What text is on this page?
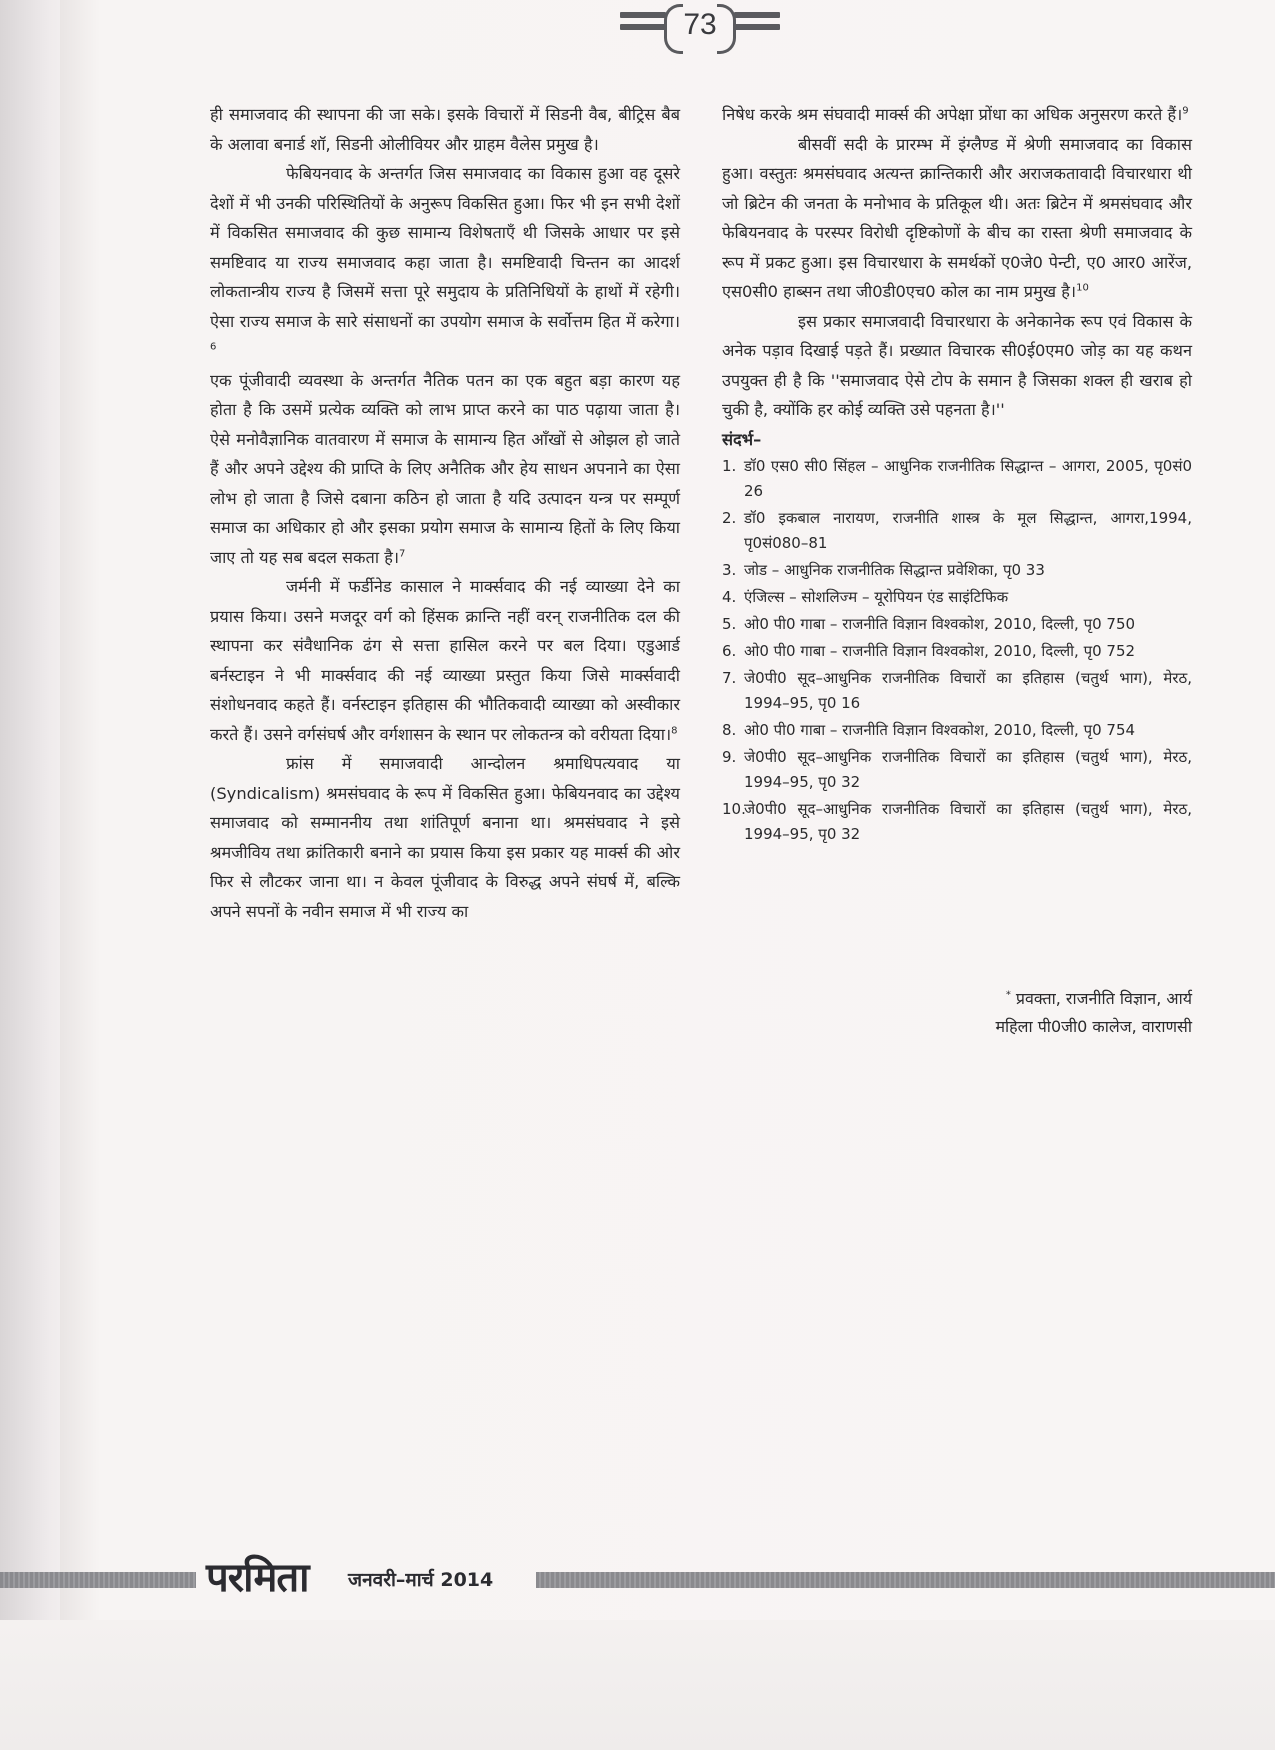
73

ही समाजवाद की स्थापना की जा सके। इसके विचारों में सिडनी वैब, बीट्रिस बैब के अलावा बनार्ड शॉ, सिडनी ओलीवियर और ग्राहम वैलेस प्रमुख है।

फेबियनवाद के अन्तर्गत जिस समाजवाद का विकास हुआ वह दूसरे देशों में भी उनकी परिस्थितियों के अनुरूप विकसित हुआ। फिर भी इन सभी देशों में विकसित समाजवाद की कुछ सामान्य विशेषताएँ थी जिसके आधार पर इसे समष्टिवाद या राज्य समाजवाद कहा जाता है। समष्टिवादी चिन्तन का आदर्श लोकतान्त्रीय राज्य है जिसमें सत्ता पूरे समुदाय के प्रतिनिधियों के हाथों में रहेगी। ऐसा राज्य समाज के सारे संसाधनों का उपयोग समाज के सर्वोत्तम हित में करेगा।$^6$

एक पूंजीवादी व्यवस्था के अन्तर्गत नैतिक पतन का एक बहुत बड़ा कारण यह होता है कि उसमें प्रत्येक व्यक्ति को लाभ प्राप्त करने का पाठ पढ़ाया जाता है। ऐसे मनोवैज्ञानिक वातवारण में समाज के सामान्य हित आँखों से ओझल हो जाते हैं और अपने उद्देश्य की प्राप्ति के लिए अनैतिक और हेय साधन अपनाने का ऐसा लोभ हो जाता है जिसे दबाना कठिन हो जाता है यदि उत्पादन यन्त्र पर सम्पूर्ण समाज का अधिकार हो और इसका प्रयोग समाज के सामान्य हितों के लिए किया जाए तो यह सब बदल सकता है।$^7$

जर्मनी में फर्डीनेड कासाल ने मार्क्सवाद की नई व्याख्या देने का प्रयास किया। उसने मजदूर वर्ग को हिंसक क्रान्ति नहीं वरन् राजनीतिक दल की स्थापना कर संवैधानिक ढंग से सत्ता हासिल करने पर बल दिया। एडुआर्ड बर्नस्टाइन ने भी मार्क्सवाद की नई व्याख्या प्रस्तुत किया जिसे मार्क्सवादी संशोधनवाद कहते हैं। वर्नस्टाइन इतिहास की भौतिकवादी व्याख्या को अस्वीकार करते हैं। उसने वर्गसंघर्ष और वर्गशासन के स्थान पर लोकतन्त्र को वरीयता दिया।$^8$

फ्रांस में समाजवादी आन्दोलन श्रमाधिपत्यवाद या (Syndicalism) श्रमसंघवाद के रूप में विकसित हुआ। फेबियनवाद का उद्देश्य समाजवाद को सम्माननीय तथा शांतिपूर्ण बनाना था। श्रमसंघवाद ने इसे श्रमजीविय तथा क्रांतिकारी बनाने का प्रयास किया इस प्रकार यह मार्क्स की ओर फिर से लौटकर जाना था। न केवल पूंजीवाद के विरुद्ध अपने संघर्ष में, बल्कि अपने सपनों के नवीन समाज में भी राज्य का

निषेध करके श्रम संघवादी मार्क्स की अपेक्षा प्रोंधा का अधिक अनुसरण करते हैं।$^9$

बीसवीं सदी के प्रारम्भ में इंग्लैण्ड में श्रेणी समाजवाद का विकास हुआ। वस्तुतः श्रमसंघवाद अत्यन्त क्रान्तिकारी और अराजकतावादी विचारधारा थी जो ब्रिटेन की जनता के मनोभाव के प्रतिकूल थी। अतः ब्रिटेन में श्रमसंघवाद और फेबियनवाद के परस्पर विरोधी दृष्टिकोणों के बीच का रास्ता श्रेणी समाजवाद के रूप में प्रकट हुआ। इस विचारधारा के समर्थकों ए0जे0 पेन्टी, ए0 आर0 आरेंज, एस0सी0 हाब्सन तथा जी0डी0एच0 कोल का नाम प्रमुख है।$^{10}$

इस प्रकार समाजवादी विचारधारा के अनेकानेक रूप एवं विकास के अनेक पड़ाव दिखाई पड़ते हैं। प्रख्यात विचारक सी0ई0एम0 जोड़ का यह कथन उपयुक्त ही है कि ''समाजवाद ऐसे टोप के समान है जिसका शक्ल ही खराब हो चुकी है, क्योंकि हर कोई व्यक्ति उसे पहनता है।''

संदर्भ–

1. डॉ0 एस0 सी0 सिंहल – आधुनिक राजनीतिक सिद्धान्त – आगरा, 2005, पृ0सं0 26
2. डॉ0 इकबाल नारायण, राजनीति शास्त्र के मूल सिद्धान्त, आगरा,1994, पृ0सं080–81
3. जोड – आधुनिक राजनीतिक सिद्धान्त प्रवेशिका, पृ0 33
4. एंजिल्स – सोशलिज्म – यूरोपियन एंड साइंटिफिक
5. ओ0 पी0 गाबा – राजनीति विज्ञान विश्वकोश, 2010, दिल्ली, पृ0 750
6. ओ0 पी0 गाबा – राजनीति विज्ञान विश्वकोश, 2010, दिल्ली, पृ0 752
7. जे0पी0 सूद–आधुनिक राजनीतिक विचारों का इतिहास (चतुर्थ भाग), मेरठ, 1994–95, पृ0 16
8. ओ0 पी0 गाबा – राजनीति विज्ञान विश्वकोश, 2010, दिल्ली, पृ0 754
9. जे0पी0 सूद–आधुनिक राजनीतिक विचारों का इतिहास (चतुर्थ भाग), मेरठ, 1994–95, पृ0 32
10.
जे0पी0 सूद–आधुनिक राजनीतिक विचारों का इतिहास (चतुर्थ भाग), मेरठ, 1994–95, पृ0 32
* प्रवक्ता, राजनीति विज्ञान, आर्य
महिला पी0जी0 कालेज, वाराणसी
परमिता जनवरी–मार्च 2014
